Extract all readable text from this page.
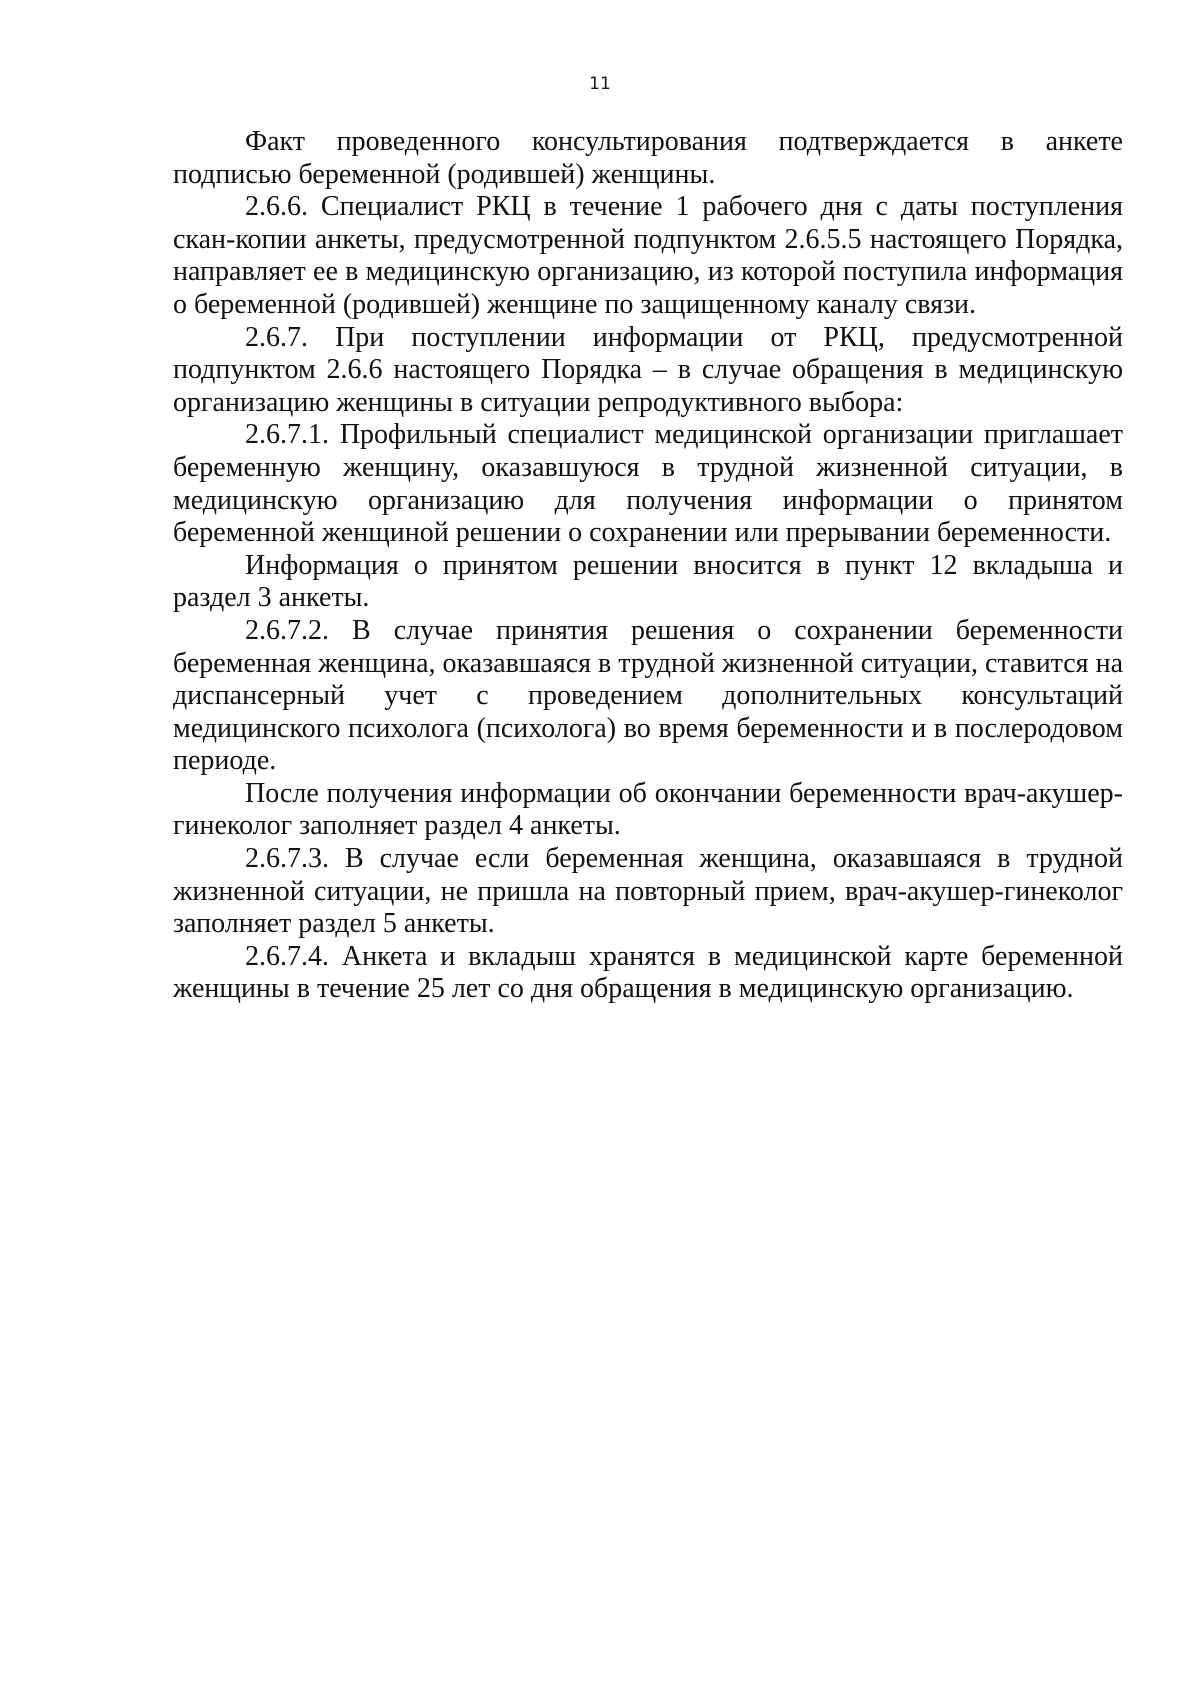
11

Факт проведенного консультирования подтверждается в анкете подписью беременной (родившей) женщины.

2.6.6. Специалист РКЦ в течение 1 рабочего дня с даты поступления скан-копии анкеты, предусмотренной подпунктом 2.6.5.5 настоящего Порядка, направляет ее в медицинскую организацию, из которой поступила информация о беременной (родившей) женщине по защищенному каналу связи.

2.6.7. При поступлении информации от РКЦ, предусмотренной подпунктом 2.6.6 настоящего Порядка – в случае обращения в медицинскую организацию женщины в ситуации репродуктивного выбора:

2.6.7.1. Профильный специалист медицинской организации приглашает беременную женщину, оказавшуюся в трудной жизненной ситуации, в медицинскую организацию для получения информации о принятом беременной женщиной решении о сохранении или прерывании беременности.

Информация о принятом решении вносится в пункт 12 вкладыша и раздел 3 анкеты.

2.6.7.2. В случае принятия решения о сохранении беременности беременная женщина, оказавшаяся в трудной жизненной ситуации, ставится на диспансерный учет с проведением дополнительных консультаций медицинского психолога (психолога) во время беременности и в послеродовом периоде.

После получения информации об окончании беременности врач-акушер-гинеколог заполняет раздел 4 анкеты.

2.6.7.3. В случае если беременная женщина, оказавшаяся в трудной жизненной ситуации, не пришла на повторный прием, врач-акушер-гинеколог заполняет раздел 5 анкеты.

2.6.7.4. Анкета и вкладыш хранятся в медицинской карте беременной женщины в течение 25 лет со дня обращения в медицинскую организацию.
